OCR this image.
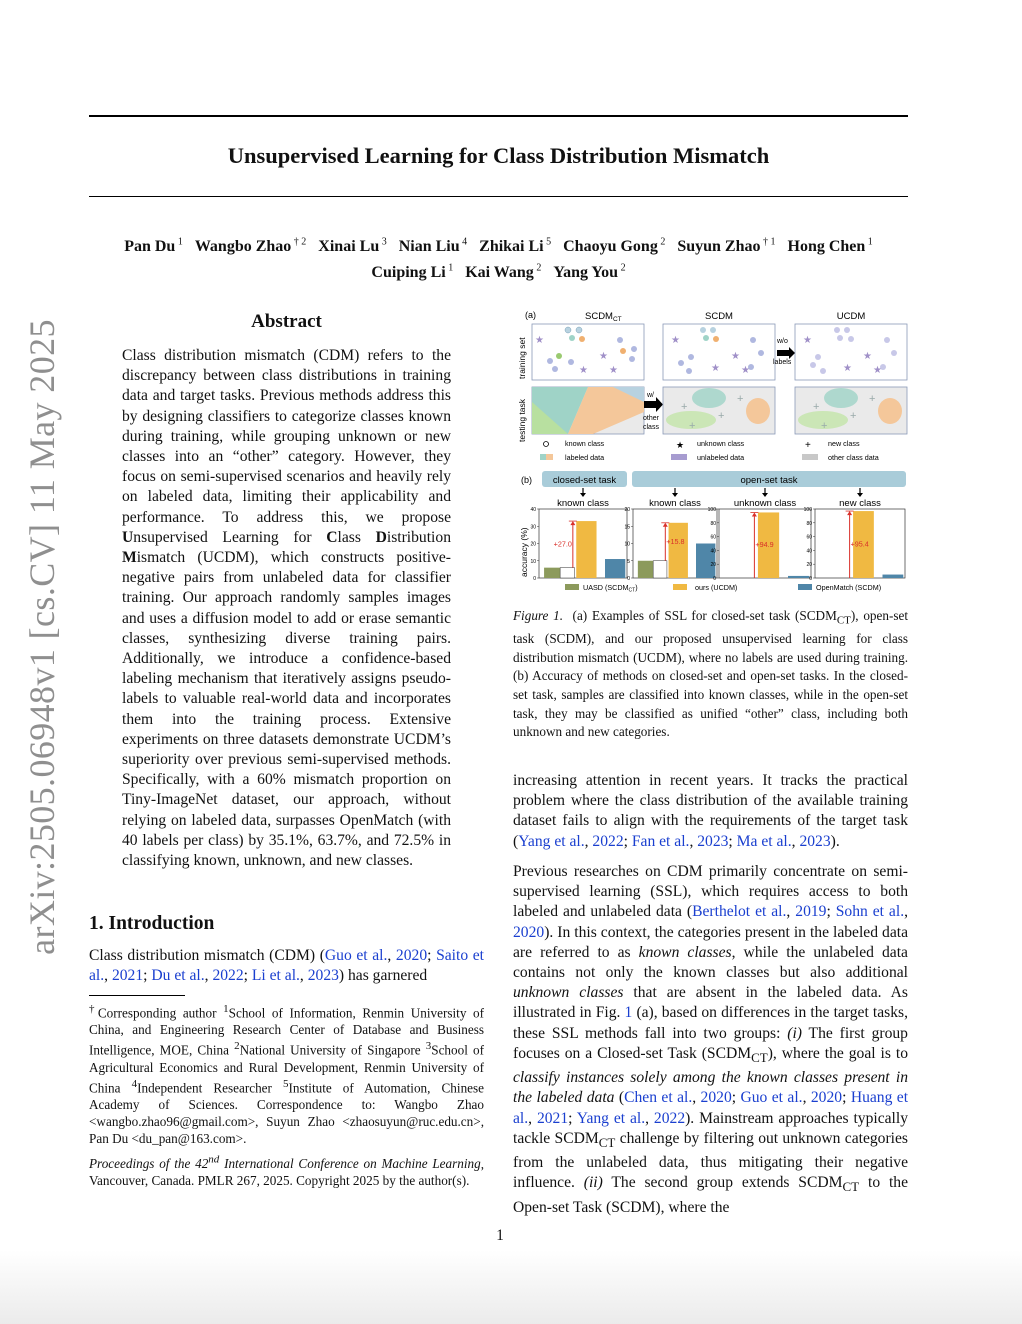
arXiv:2505.06948v1 [cs.CV] 11 May 2025
Unsupervised Learning for Class Distribution Mismatch
Pan Du $^1$ Wangbo Zhao $^{\dagger 2}$ Xinai Lu $^3$ Nian Liu $^4$ Zhikai Li $^5$ Chaoyu Gong $^2$ Suyun Zhao $^{\dagger 1}$ Hong Chen $^1$
Cuiping Li $^1$ Kai Wang $^2$ Yang You $^2$
Abstract
Class distribution mismatch (CDM) refers to the discrepancy between class distributions in training data and target tasks. Previous methods address this by designing classifiers to categorize classes known during training, while grouping unknown or new classes into an “other” category. However, they focus on semi-supervised scenarios and heavily rely on labeled data, limiting their applicability and performance. To address this, we propose Unsupervised Learning for Class Distribution Mismatch (UCDM), which constructs positive-negative pairs from unlabeled data for classifier training. Our approach randomly samples images and uses a diffusion model to add or erase semantic classes, synthesizing diverse training pairs. Additionally, we introduce a confidence-based labeling mechanism that iteratively assigns pseudo-labels to valuable real-world data and incorporates them into the training process. Extensive experiments on three datasets demonstrate UCDM’s superiority over previous semi-supervised methods. Specifically, with a 60% mismatch proportion on Tiny-ImageNet dataset, our approach, without relying on labeled data, surpasses OpenMatch (with 40 labels per class) by 35.1%, 63.7%, and 72.5% in classifying known, unknown, and new classes.
1. Introduction
Class distribution mismatch (CDM) (Guo et al., 2020; Saito et al., 2021; Du et al., 2022; Li et al., 2023) has garnered
†Corresponding author $^1$School of Information, Renmin University of China, and Engineering Research Center of Database and Business Intelligence, MOE, China $^2$National University of Singapore $^3$School of Agricultural Economics and Rural Development, Renmin University of China $^4$Independent Researcher $^5$Institute of Automation, Chinese Academy of Sciences. Correspondence to: Wangbo Zhao <wangbo.zhao96@gmail.com>, Suyun Zhao <zhaosuyun@ruc.edu.cn>, Pan Du <du_pan@163.com>.
Proceedings of the 42nd International Conference on Machine Learning, Vancouver, Canada. PMLR 267, 2025. Copyright 2025 by the author(s).
(a)	$SCDM_{CT}$	SCDM	UCDM
training set
testing task
★
★
★
★
★
★
★
★
★
★
★
★
w/o
labels
w/
other
class
+
+
+
+
+
+
+
+
known class
labeled data
★ unknown class
unlabeled data
+ new class
other class data
(b) closed-set task	open-set task
accuracy (%)
known class
0
10
20
30
40
+27.0
known class
0
5
10
15
20
+15.8
unknown class
0
20
40
60
80
100
+94.9
new class
0
20
40
60
80
100
+95.4
UASD $(SCDM_{CT})$	ours (UCDM)	OpenMatch (SCDM)
Figure 1.  (a) Examples of SSL for closed-set task $(SCDM_{CT})$, open-set task (SCDM), and our proposed unsupervised learning for class distribution mismatch (UCDM), where no labels are used during training. (b) Accuracy of methods on closed-set and open-set tasks. In the closed-set task, samples are classified into known classes, while in the open-set task, they may be classified as unified “other” class, including both unknown and new categories.
increasing attention in recent years. It tracks the practical problem where the class distribution of the available training dataset fails to align with the requirements of the target task (Yang et al., 2022; Fan et al., 2023; Ma et al., 2023).
Previous researches on CDM primarily concentrate on semi-supervised learning (SSL), which requires access to both labeled and unlabeled data (Berthelot et al., 2019; Sohn et al., 2020). In this context, the categories present in the labeled data are referred to as known classes, while the unlabeled data contains not only the known classes but also additional unknown classes that are absent in the labeled data. As illustrated in Fig. 1 (a), based on differences in the target tasks, these SSL methods fall into two groups: (i) The first group focuses on a Closed-set Task $(SCDM_{CT})$, where the goal is to classify instances solely among the known classes present in the labeled data (Chen et al., 2020; Guo et al., 2020; Huang et al., 2021; Yang et al., 2022). Mainstream approaches typically tackle $SCDM_{CT}$ challenge by filtering out unknown categories from the unlabeled data, thus mitigating their negative influence. (ii) The second group extends $SCDM_{CT}$ to the Open-set Task (SCDM), where the
1
